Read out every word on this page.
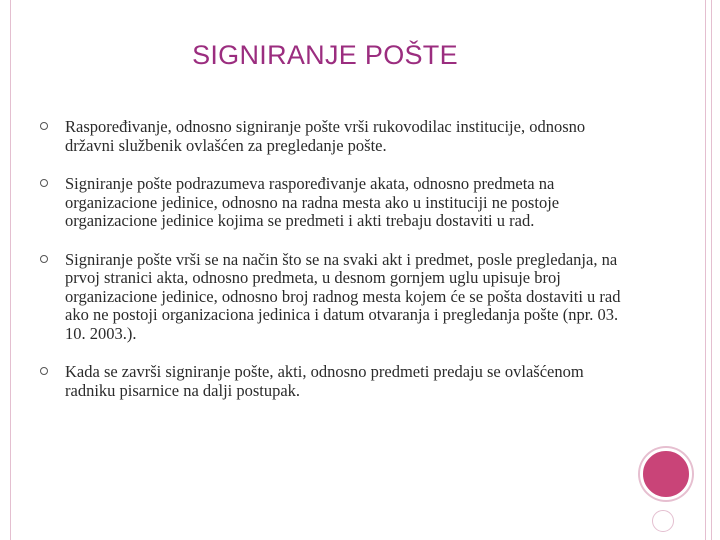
SIGNIRANJE POŠTE
Raspoređivanje, odnosno signiranje pošte vrši rukovodilac institucije, odnosno državni službenik ovlašćen za pregledanje pošte.
Signiranje pošte podrazumeva raspoređivanje akata, odnosno predmeta na organizacione jedinice, odnosno na radna mesta ako u instituciji ne postoje organizacione jedinice kojima se predmeti i akti trebaju dostaviti u rad.
Signiranje pošte vrši se na način što se na svaki akt i predmet, posle pregledanja, na prvoj stranici akta, odnosno predmeta, u desnom gornjem uglu upisuje broj organizacione jedinice, odnosno broj radnog mesta kojem će se pošta dostaviti u rad ako ne postoji organizaciona jedinica i datum otvaranja i pregledanja pošte (npr. 03. 10. 2003.).
Kada se završi signiranje pošte, akti, odnosno predmeti predaju se ovlašćenom radniku pisarnice na dalji postupak.
